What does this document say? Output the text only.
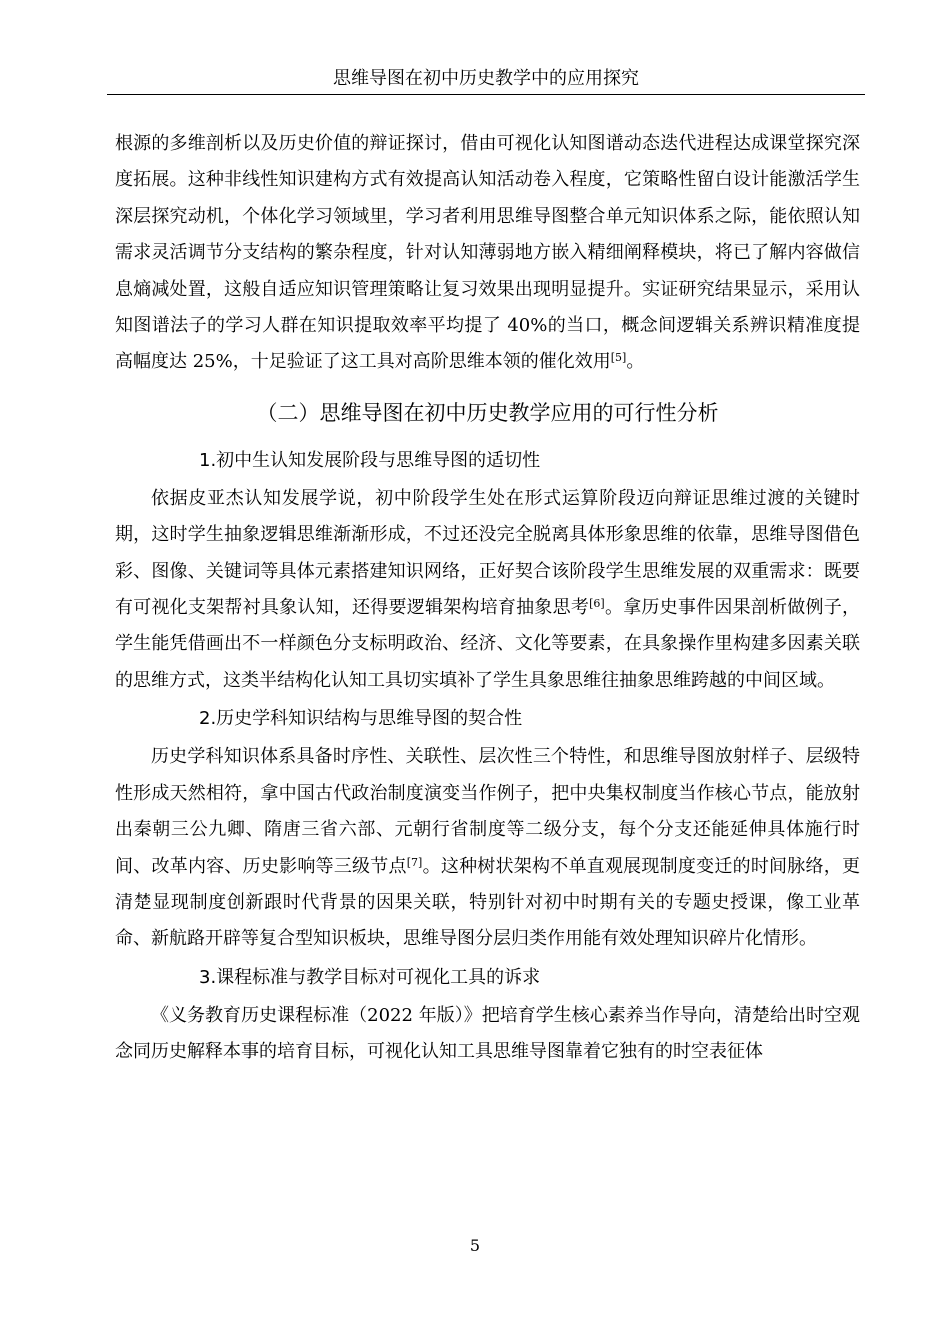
思维导图在初中历史教学中的应用探究

根源的多维剖析以及历史价值的辩证探讨，借由可视化认知图谱动态迭代进程达成课堂探究深度拓展。这种非线性知识建构方式有效提高认知活动卷入程度，它策略性留白设计能激活学生深层探究动机，个体化学习领域里，学习者利用思维导图整合单元知识体系之际，能依照认知需求灵活调节分支结构的繁杂程度，针对认知薄弱地方嵌入精细阐释模块，将已了解内容做信息熵减处置，这般自适应知识管理策略让复习效果出现明显提升。实证研究结果显示，采用认知图谱法子的学习人群在知识提取效率平均提了 40%的当口，概念间逻辑关系辨识精准度提高幅度达 25%，十足验证了这工具对高阶思维本领的催化效用[5]。

（二）思维导图在初中历史教学应用的可行性分析
1.初中生认知发展阶段与思维导图的适切性

依据皮亚杰认知发展学说，初中阶段学生处在形式运算阶段迈向辩证思维过渡的关键时期，这时学生抽象逻辑思维渐渐形成，不过还没完全脱离具体形象思维的依靠，思维导图借色彩、图像、关键词等具体元素搭建知识网络，正好契合该阶段学生思维发展的双重需求：既要有可视化支架帮衬具象认知，还得要逻辑架构培育抽象思考[6]。拿历史事件因果剖析做例子，学生能凭借画出不一样颜色分支标明政治、经济、文化等要素，在具象操作里构建多因素关联的思维方式，这类半结构化认知工具切实填补了学生具象思维往抽象思维跨越的中间区域。

2.历史学科知识结构与思维导图的契合性

历史学科知识体系具备时序性、关联性、层次性三个特性，和思维导图放射样子、层级特性形成天然相符，拿中国古代政治制度演变当作例子，把中央集权制度当作核心节点，能放射出秦朝三公九卿、隋唐三省六部、元朝行省制度等二级分支，每个分支还能延伸具体施行时间、改革内容、历史影响等三级节点[7]。这种树状架构不单直观展现制度变迁的时间脉络，更清楚显现制度创新跟时代背景的因果关联，特别针对初中时期有关的专题史授课，像工业革命、新航路开辟等复合型知识板块，思维导图分层归类作用能有效处理知识碎片化情形。

3.课程标准与教学目标对可视化工具的诉求

《义务教育历史课程标准（2022 年版）》把培育学生核心素养当作导向，清楚给出时空观念同历史解释本事的培育目标，可视化认知工具思维导图靠着它独有的时空表征体

5
